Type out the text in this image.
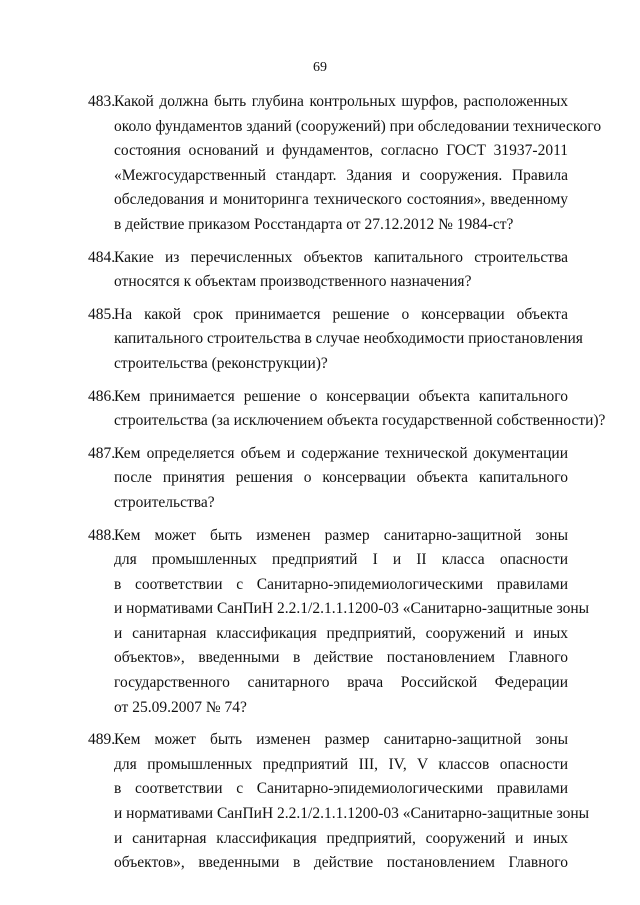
69
483.
Какой должна быть глубина контрольных шурфов, расположенных
около фундаментов зданий (сооружений) при обследовании технического
состояния оснований и фундаментов, согласно ГОСТ 31937-2011
«Межгосударственный стандарт. Здания и сооружения. Правила
обследования и мониторинга технического состояния», введенному
в действие приказом Росстандарта от 27.12.2012 № 1984-ст?
484.
Какие из перечисленных объектов капитального строительства
относятся к объектам производственного назначения?
485.
На какой срок принимается решение о консервации объекта
капитального строительства в случае необходимости приостановления
строительства (реконструкции)?
486.
Кем принимается решение о консервации объекта капитального
строительства (за исключением объекта государственной собственности)?
487.
Кем определяется объем и содержание технической документации
после принятия решения о консервации объекта капитального
строительства?
488.
Кем может быть изменен размер санитарно-защитной зоны
для промышленных предприятий I и II класса опасности
в соответствии с Санитарно-эпидемиологическими правилами
и нормативами СанПиН 2.2.1/2.1.1.1200-03 «Санитарно-защитные зоны
и санитарная классификация предприятий, сооружений и иных
объектов», введенными в действие постановлением Главного
государственного санитарного врача Российской Федерации
от 25.09.2007 № 74?
489.
Кем может быть изменен размер санитарно-защитной зоны
для промышленных предприятий III, IV, V классов опасности
в соответствии с Санитарно-эпидемиологическими правилами
и нормативами СанПиН 2.2.1/2.1.1.1200-03 «Санитарно-защитные зоны
и санитарная классификация предприятий, сооружений и иных
объектов», введенными в действие постановлением Главного
